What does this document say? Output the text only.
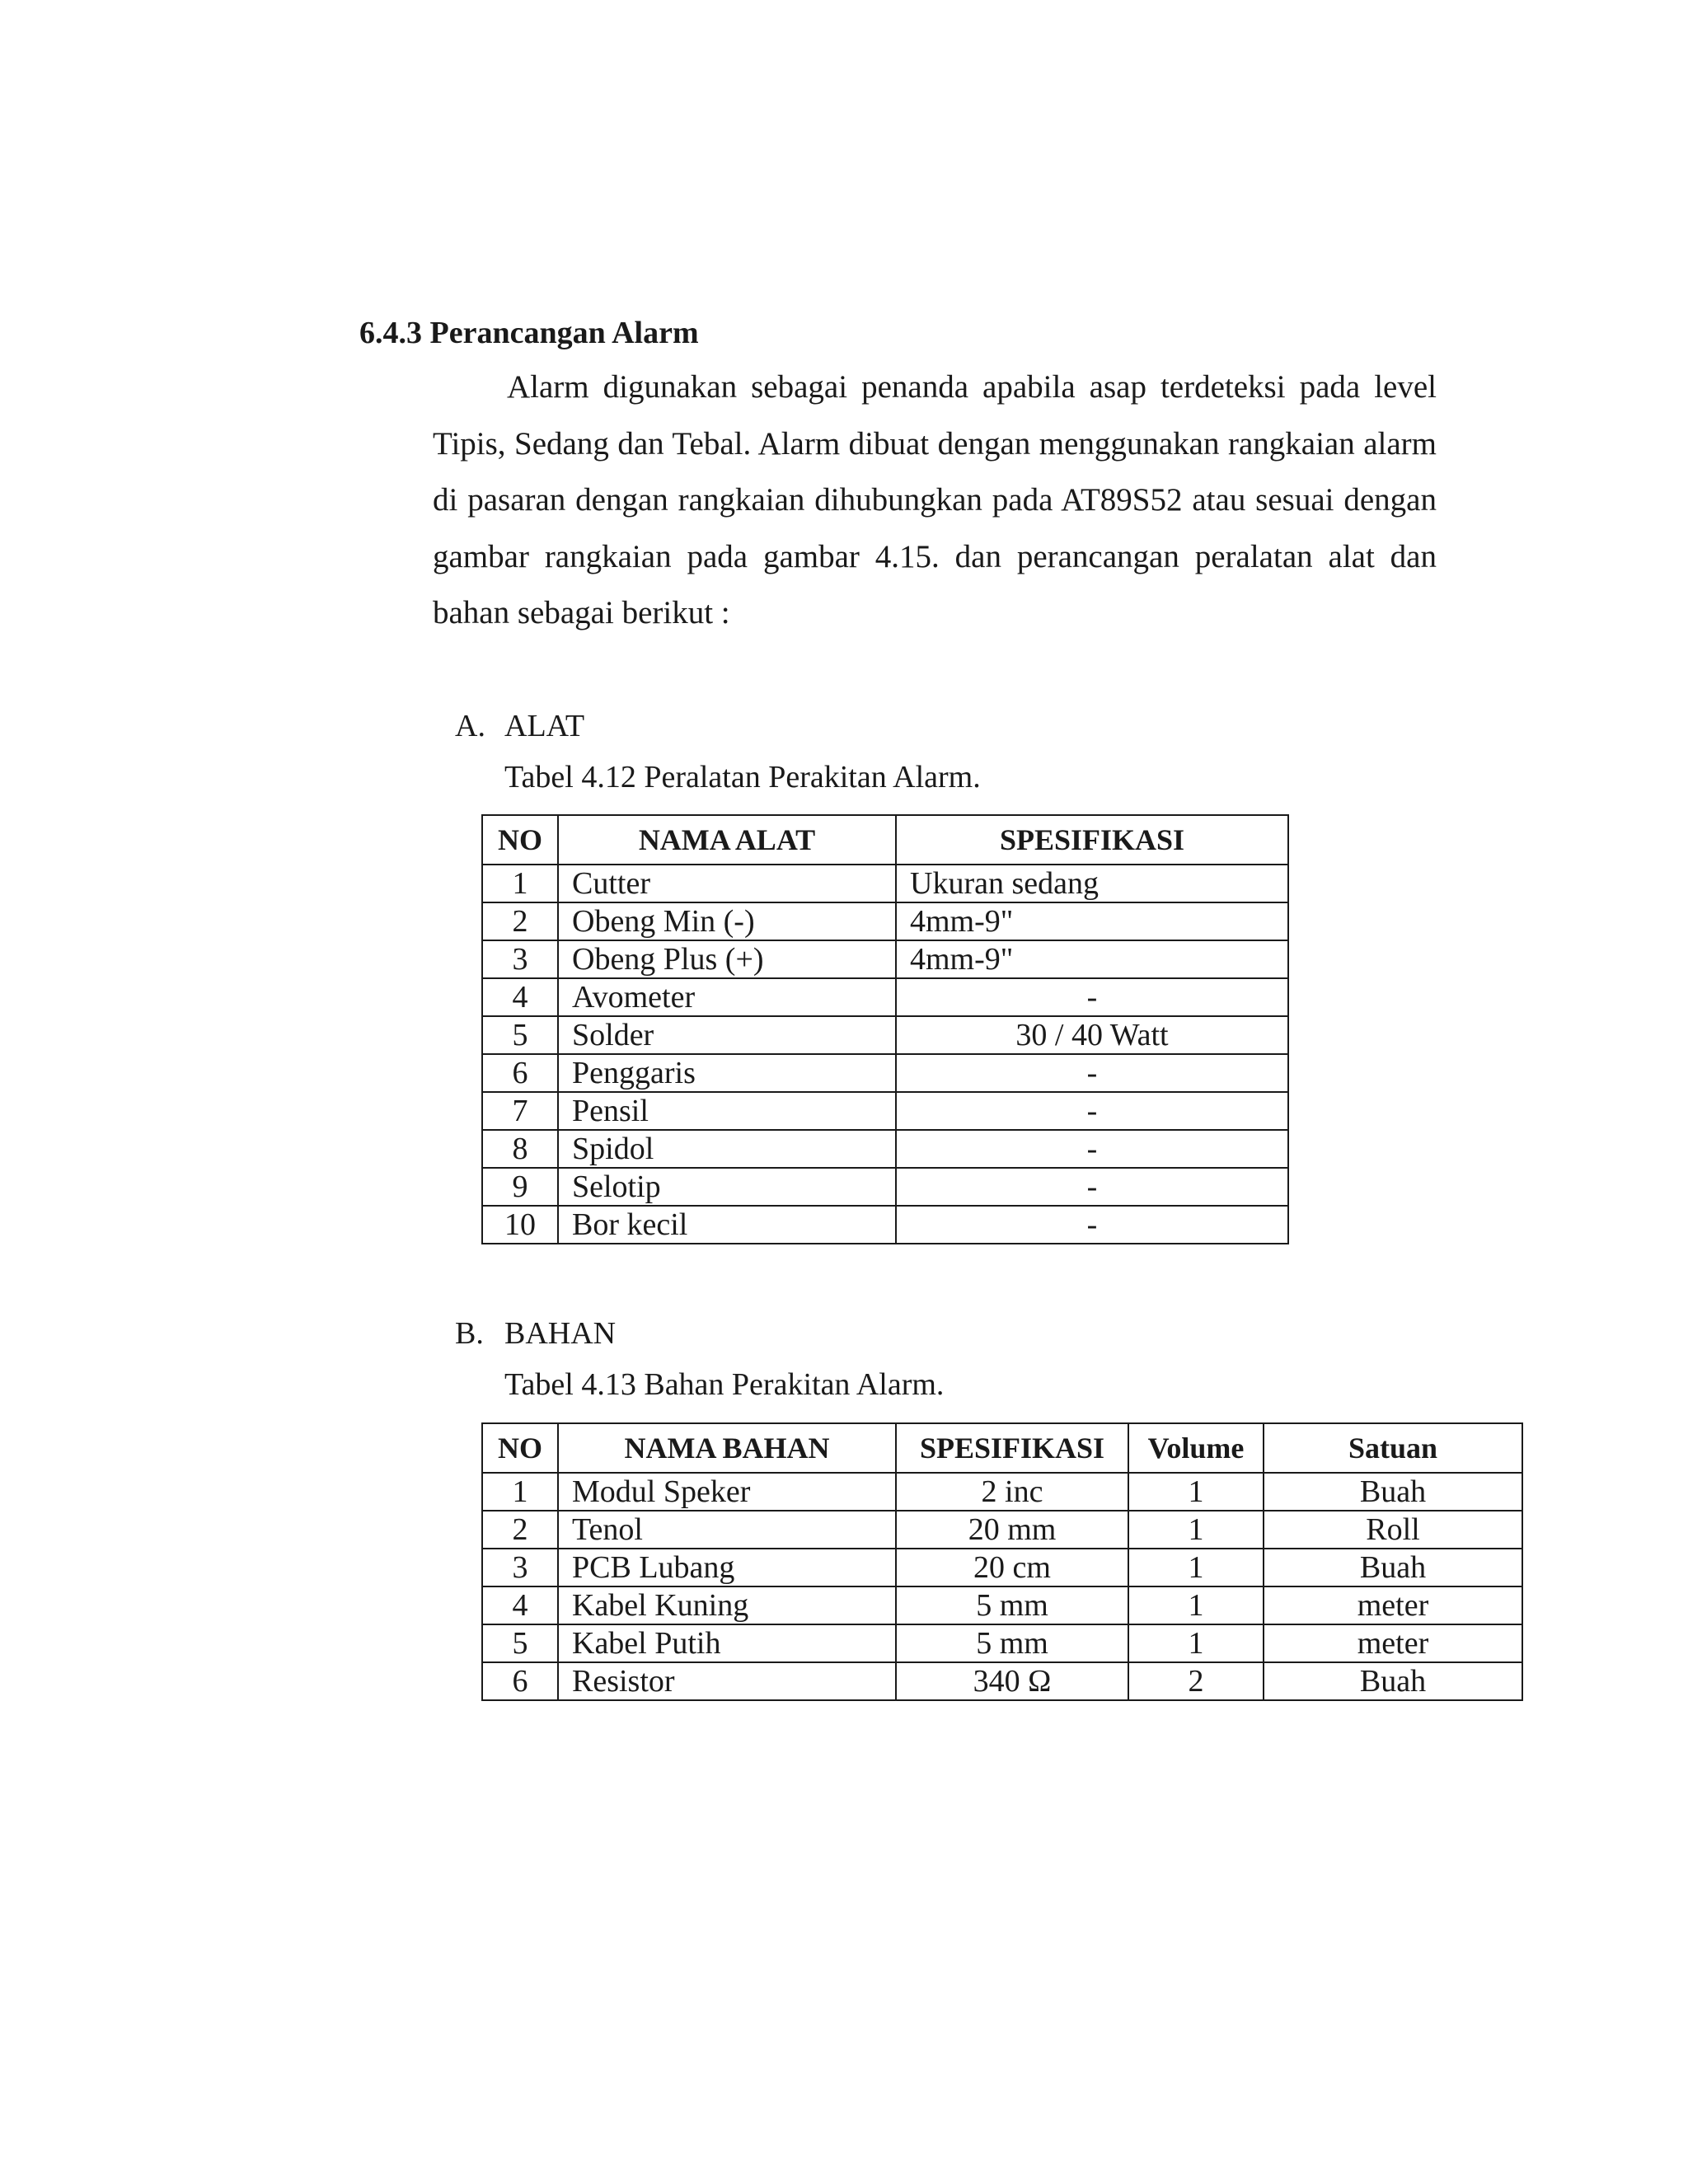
6.4.3 Perancangan Alarm

Alarm digunakan sebagai penanda apabila asap terdeteksi pada level Tipis, Sedang dan Tebal. Alarm dibuat dengan menggunakan rangkaian alarm di pasaran dengan rangkaian dihubungkan pada AT89S52 atau sesuai dengan gambar rangkaian pada gambar 4.15. dan perancangan peralatan alat dan bahan sebagai berikut :

A. ALAT
Tabel 4.12 Peralatan Perakitan Alarm.
NO	NAMA ALAT	SPESIFIKASI
1	Cutter	Ukuran sedang
2	Obeng Min (-)	4mm-9"
3	Obeng Plus (+)	4mm-9"
4	Avometer	-
5	Solder	30 / 40 Watt
6	Penggaris	-
7	Pensil	-
8	Spidol	-
9	Selotip	-
10	Bor kecil	-
B. BAHAN
Tabel 4.13 Bahan Perakitan Alarm.
NO	NAMA BAHAN	SPESIFIKASI	Volume	Satuan
1	Modul Speker	2 inc	1	Buah
2	Tenol	20 mm	1	Roll
3	PCB Lubang	20 cm	1	Buah
4	Kabel Kuning	5 mm	1	meter
5	Kabel Putih	5 mm	1	meter
6	Resistor	340 Ω	2	Buah
